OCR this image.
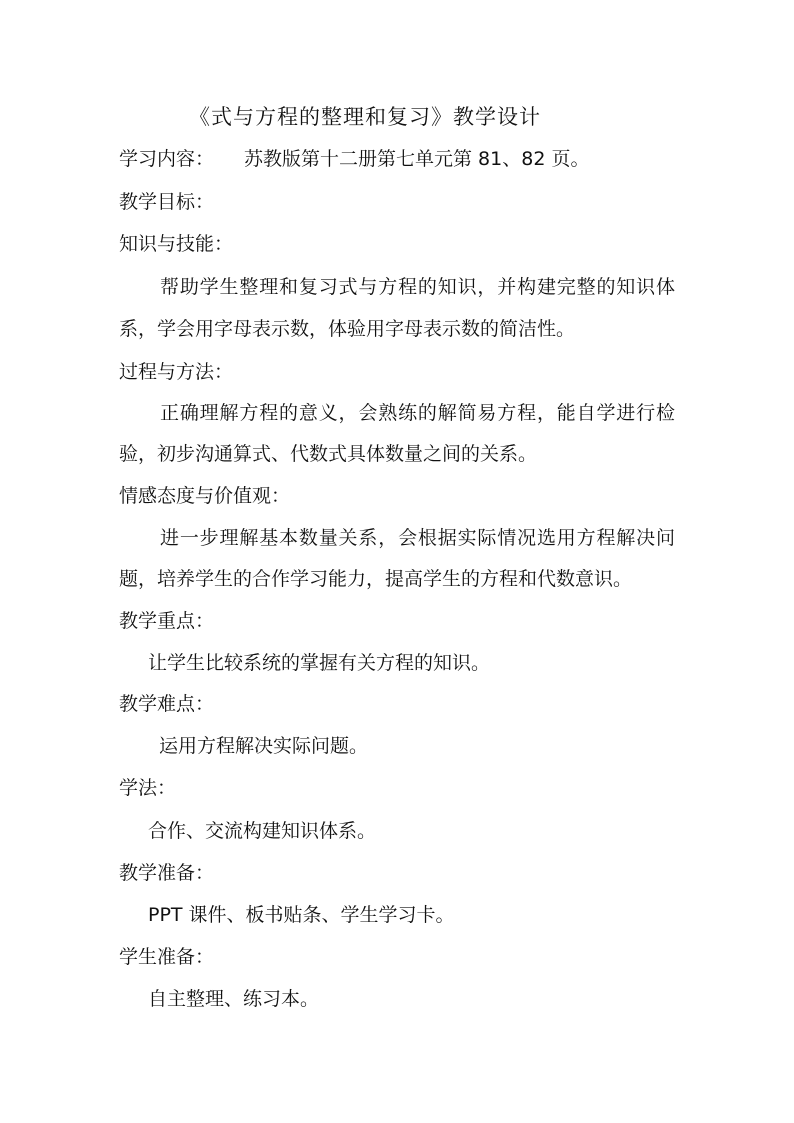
《式与方程的整理和复习》教学设计
学习内容： 苏教版第十二册第七单元第 81、82 页。
教学目标：
知识与技能：
帮助学生整理和复习式与方程的知识，并构建完整的知识体
系，学会用字母表示数，体验用字母表示数的简洁性。
过程与方法：
正确理解方程的意义，会熟练的解简易方程，能自学进行检
验，初步沟通算式、代数式具体数量之间的关系。
情感态度与价值观：
进一步理解基本数量关系，会根据实际情况选用方程解决问
题，培养学生的合作学习能力，提高学生的方程和代数意识。
教学重点：
让学生比较系统的掌握有关方程的知识。
教学难点：
运用方程解决实际问题。
学法：
合作、交流构建知识体系。
教学准备：
PPT 课件、板书贴条、学生学习卡。
学生准备：
自主整理、练习本。
